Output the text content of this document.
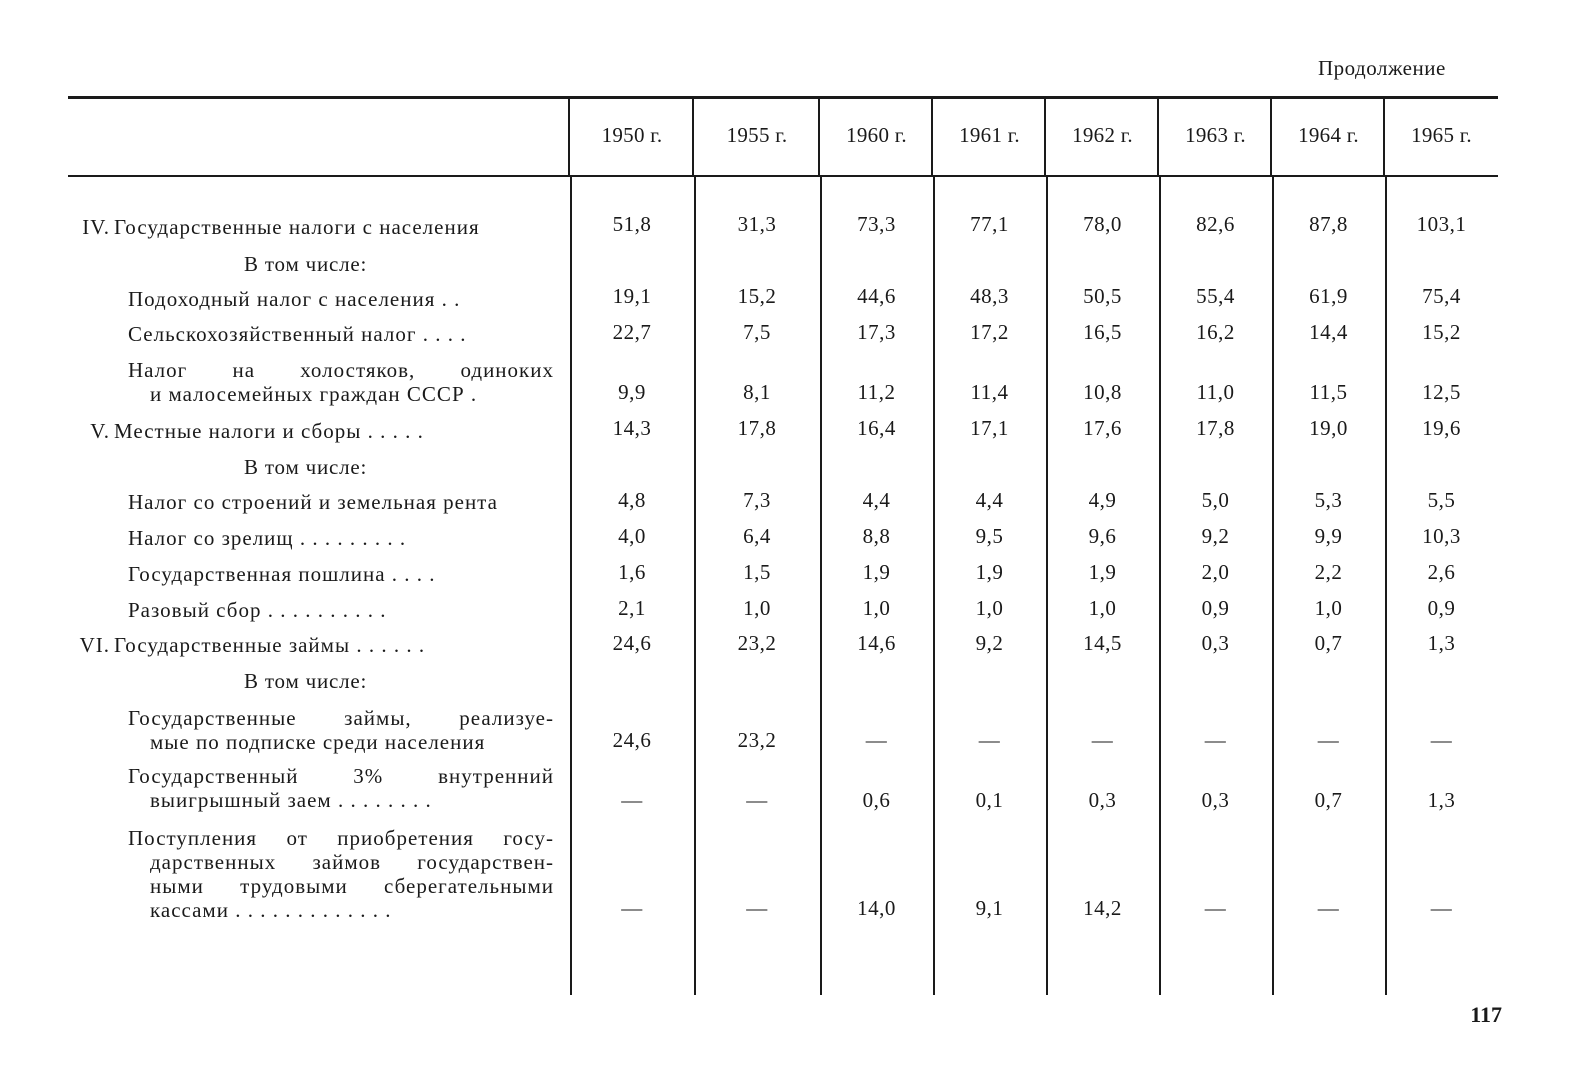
Продолжение
1950 г.	1955 г.	1960 г.	1961 г.	1962 г.	1963 г.	1964 г.	1965 г.
IV. Государственные налоги с населения	51,8	31,3	73,3	77,1	78,0	82,6	87,8	103,1
В том числе:
Подоходный налог с населения . .	19,1	15,2	44,6	48,3	50,5	55,4	61,9	75,4
Сельскохозяйственный налог . . . .	22,7	7,5	17,3	17,2	16,5	16,2	14,4	15,2
Налог на холостяков, одиноких
и малосемейных граждан СССР .	9,9	8,1	11,2	11,4	10,8	11,0	11,5	12,5
V. Местные налоги и сборы . . . . .	14,3	17,8	16,4	17,1	17,6	17,8	19,0	19,6
В том числе:
Налог со строений и земельная рента	4,8	7,3	4,4	4,4	4,9	5,0	5,3	5,5
Налог со зрелищ . . . . . . . . .	4,0	6,4	8,8	9,5	9,6	9,2	9,9	10,3
Государственная пошлина . . . .	1,6	1,5	1,9	1,9	1,9	2,0	2,2	2,6
Разовый сбор . . . . . . . . . .	2,1	1,0	1,0	1,0	1,0	0,9	1,0	0,9
VI. Государственные займы . . . . . .	24,6	23,2	14,6	9,2	14,5	0,3	0,7	1,3
В том числе:
Государственные займы, реализуе-
мые по подписке среди населения	24,6	23,2	—	—	—	—	—	—
Государственный 3% внутренний
выигрышный заем . . . . . . . .	—	—	0,6	0,1	0,3	0,3	0,7	1,3
Поступления от приобретения госу-
дарственных займов государствен-
ными трудовыми сберегательными
кассами . . . . . . . . . . . . .	—	—	14,0	9,1	14,2	—	—	—
117
